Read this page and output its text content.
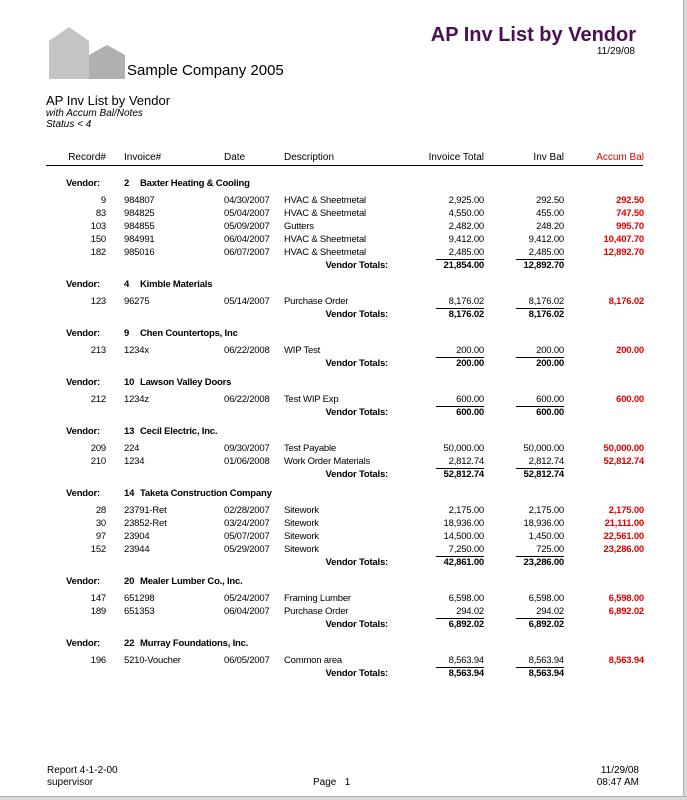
Sample Company 2005
AP Inv List by Vendor
11/29/08
AP Inv List by Vendor
with Accum Bal/Notes
Status < 4
Record# Invoice#	Date	Description	Invoice Total	Inv Bal	Accum Bal
Vendor:	2 Baxter Heating & Cooling
9 984807	04/30/2007 HVAC & Sheetmetal	2,925.00	292.50	292.50
83 984825	05/04/2007 HVAC & Sheetmetal	4,550.00	455.00	747.50
103 984855	05/09/2007 Gutters	2,482.00	248.20	995.70
150 984991	06/04/2007 HVAC & Sheetmetal	9,412.00	9,412.00	10,407.70
182 985016	06/07/2007 HVAC & Sheetmetal	2,485.00	2,485.00	12,892.70
Vendor Totals:	21,854.00	12,892.70
Vendor:	4 Kimble Materials
123 96275	05/14/2007 Purchase Order	8,176.02	8,176.02	8,176.02
Vendor Totals:	8,176.02	8,176.02
Vendor:	9 Chen Countertops, Inc
213 1234x	06/22/2008 WIP Test	200.00	200.00	200.00
Vendor Totals:	200.00	200.00
Vendor:	10 Lawson Valley Doors
212 1234z	06/22/2008 Test WIP Exp	600.00	600.00	600.00
Vendor Totals:	600.00	600.00
Vendor:	13 Cecil Electric, Inc.
209 224	09/30/2007 Test Payable	50,000.00	50,000.00	50,000.00
210 1234	01/06/2008 Work Order Materials	2,812.74	2,812.74	52,812.74
Vendor Totals:	52,812.74	52,812.74
Vendor:	14 Taketa Construction Company
28 23791-Ret	02/28/2007 Sitework	2,175.00	2,175.00	2,175.00
30 23852-Ret	03/24/2007 Sitework	18,936.00	18,936.00	21,111.00
97 23904	05/07/2007 Sitework	14,500.00	1,450.00	22,561.00
152 23944	05/29/2007 Sitework	7,250.00	725.00	23,286.00
Vendor Totals:	42,861.00	23,286.00
Vendor:	20 Mealer Lumber Co., Inc.
147 651298	05/24/2007 Framing Lumber	6,598.00	6,598.00	6,598.00
189 651353	06/04/2007 Purchase Order	294.02	294.02	6,892.02
Vendor Totals:	6,892.02	6,892.02
Vendor:	22 Murray Foundations, Inc.
196 5210-Voucher	06/05/2007 Common area	8,563.94	8,563.94	8,563.94
Vendor Totals:	8,563.94	8,563.94
Report 4-1-2-00
supervisor	Page 1
11/29/08
08:47 AM
